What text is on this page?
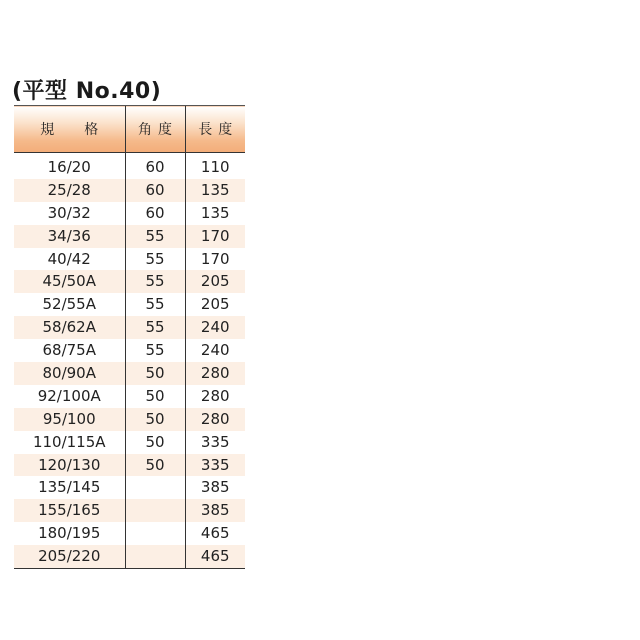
(平型 No.40)
規 格	角 度	長 度
16/20	60	110
25/28	60	135
30/32	60	135
34/36	55	170
40/42	55	170
45/50A	55	205
52/55A	55	205
58/62A	55	240
68/75A	55	240
80/90A	50	280
92/100A	50	280
95/100	50	280
110/115A	50	335
120/130	50	335
135/145		385
155/165		385
180/195		465
205/220		465
